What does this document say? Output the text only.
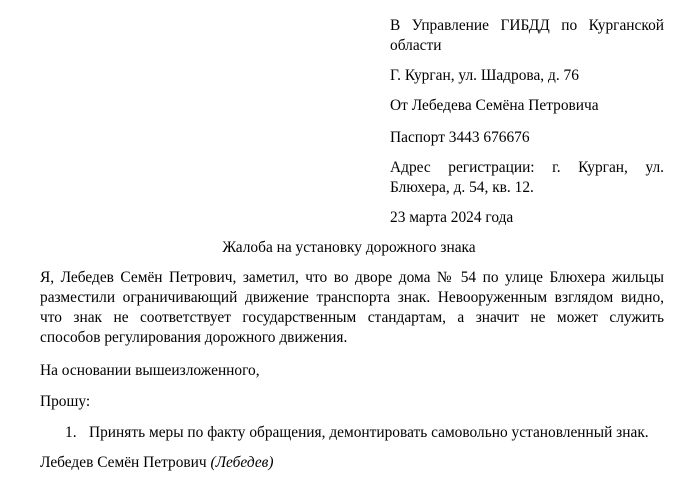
В Управление ГИБДД по Курганской
области
Г. Курган, ул. Шадрова, д. 76
От Лебедева Семёна Петровича
Паспорт 3443 676676
Адрес регистрации: г. Курган, ул.
Блюхера, д. 54, кв. 12.
23 марта 2024 года
Жалоба на установку дорожного знака
Я, Лебедев Семён Петрович, заметил, что во дворе дома № 54 по улице Блюхера жильцы
разместили ограничивающий движение транспорта знак. Невооруженным взглядом видно,
что знак не соответствует государственным стандартам, а значит не может служить
способов регулирования дорожного движения.
На основании вышеизложенного,
Прошу:
1. Принять меры по факту обращения, демонтировать самовольно установленный знак.
Лебедев Семён Петрович (Лебедев)
